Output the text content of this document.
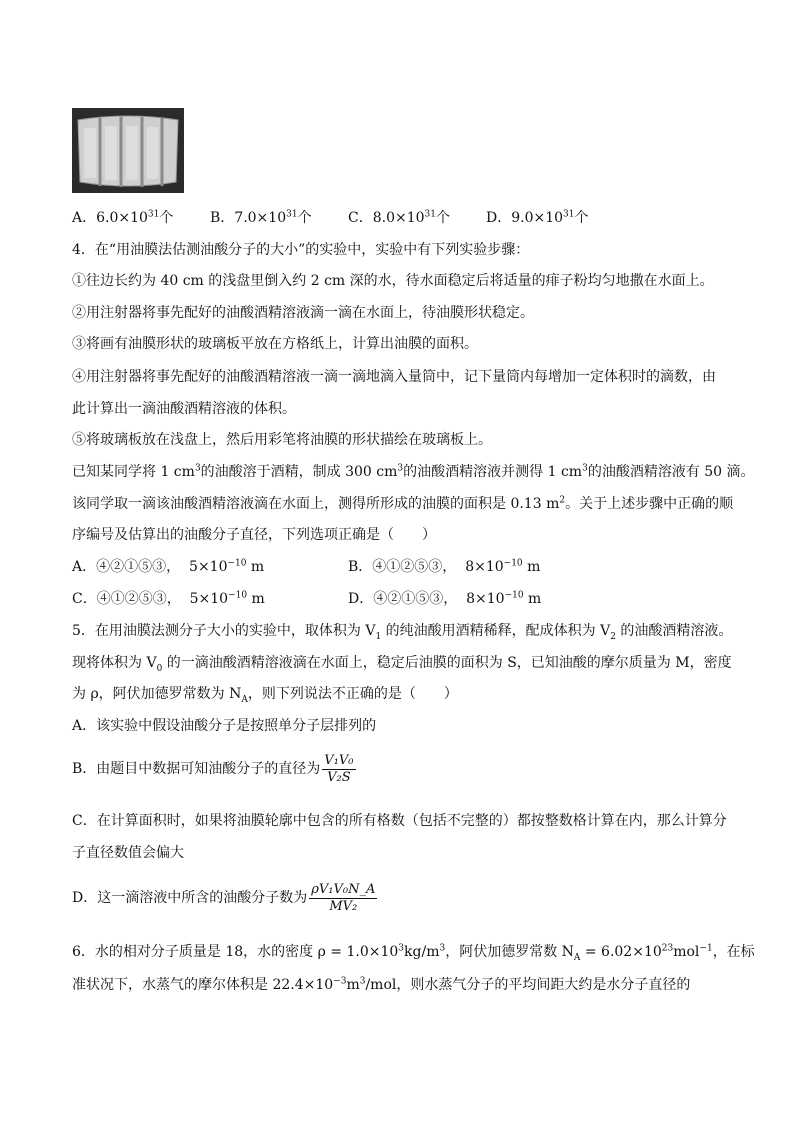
A．$6.0\times 10^{31}$个	B．$7.0\times 10^{31}$个	C．$8.0\times 10^{31}$个	D．$9.0\times 10^{31}$个
4．在“用油膜法估测油酸分子的大小”的实验中，实验中有下列实验步骤：
①往边长约为 40 cm 的浅盘里倒入约 2 cm 深的水，待水面稳定后将适量的痱子粉均匀地撒在水面上。
②用注射器将事先配好的油酸酒精溶液滴一滴在水面上，待油膜形状稳定。
③将画有油膜形状的玻璃板平放在方格纸上，计算出油膜的面积。
④用注射器将事先配好的油酸酒精溶液一滴一滴地滴入量筒中，记下量筒内每增加一定体积时的滴数，由
此计算出一滴油酸酒精溶液的体积。
⑤将玻璃板放在浅盘上，然后用彩笔将油膜的形状描绘在玻璃板上。
已知某同学将 1 $cm^3$的油酸溶于酒精，制成 300 $cm^3$的油酸酒精溶液并测得 1 $cm^3$的油酸酒精溶液有 50 滴。
该同学取一滴该油酸酒精溶液滴在水面上，测得所形成的油膜的面积是 0.13 $m^2$。关于上述步骤中正确的顺
序编号及估算出的油酸分子直径，下列选项正确是（　　）
A．④②①⑤③， $5\times 10^{-10}$ m	B．④①②⑤③， $8\times 10^{-10}$ m
C．④①②⑤③， $5\times 10^{-10}$ m	D．④②①⑤③， $8\times 10^{-10}$ m
5．在用油膜法测分子大小的实验中，取体积为 $V_1$ 的纯油酸用酒精稀释，配成体积为 $V_2$ 的油酸酒精溶液。
现将体积为 $V_0$ 的一滴油酸酒精溶液滴在水面上，稳定后油膜的面积为 S，已知油酸的摩尔质量为 M，密度
为 ρ，阿伏加德罗常数为 $N_A$，则下列说法不正确的是（　　）
A．该实验中假设油酸分子是按照单分子层排列的
B．由题目中数据可知油酸分子的直径为 $\frac{\text{V₁V₀}}{\text{V₂S}}$
C．在计算面积时，如果将油膜轮廓中包含的所有格数（包括不完整的）都按整数格计算在内，那么计算分
子直径数值会偏大
D．这一滴溶液中所含的油酸分子数为 $\frac{\text{ρV₁V₀N\_A}}{\text{MV₂}}$
6．水的相对分子质量是 18，水的密度 $\rho = 1.0\times 10^3kg/m^3$，阿伏加德罗常数 $N_A = 6.02\times 10^{23}mol^{-1}$，在标
准状况下，水蒸气的摩尔体积是 $22.4\times 10^{-3}m^3$/mol，则水蒸气分子的平均间距大约是水分子直径的
